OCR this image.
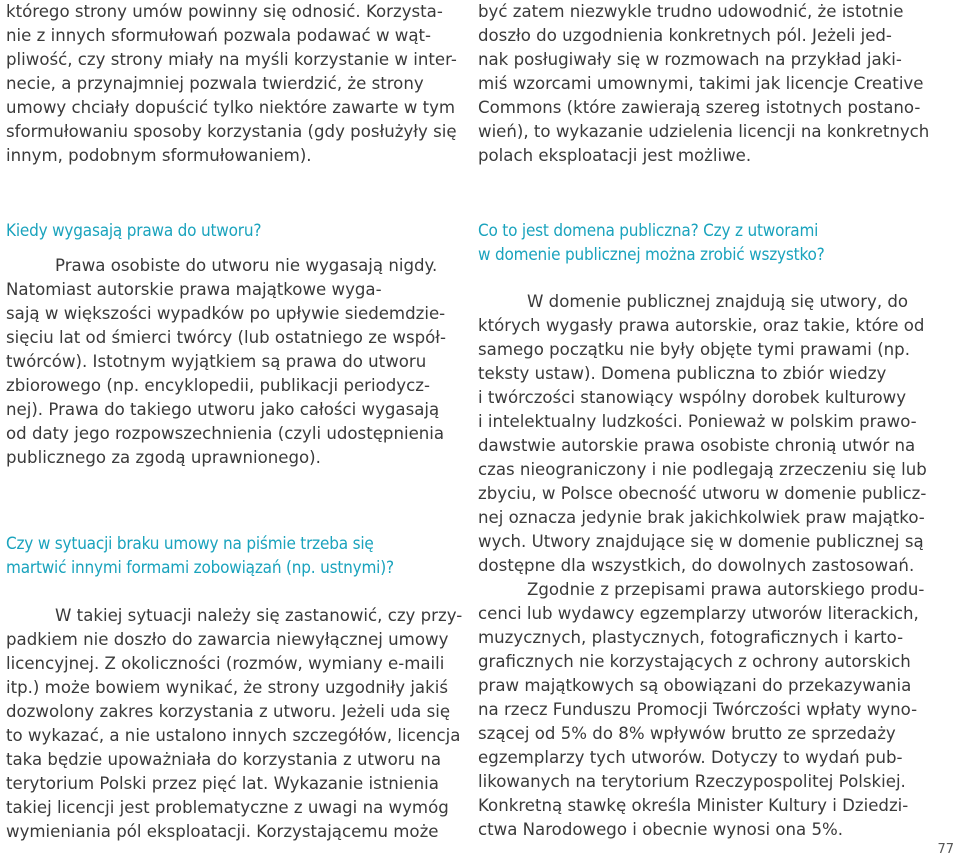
którego strony umów powinny się odnosić. Korzysta-
nie z innych sformułowań pozwala podawać w wąt-
pliwość, czy strony miały na myśli korzystanie w inter-
necie, a przynajmniej pozwala twierdzić, że strony
umowy chciały dopuścić tylko niektóre zawarte w tym
sformułowaniu sposoby korzystania (gdy posłużyły się
innym, podobnym sformułowaniem).
Kiedy wygasają prawa do utworu?
Prawa osobiste do utworu nie wygasają nigdy.
Natomiast autorskie prawa majątkowe wyga-
sają w większości wypadków po upływie siedemdzie-
sięciu lat od śmierci twórcy (lub ostatniego ze współ-
twórców). Istotnym wyjątkiem są prawa do utworu
zbiorowego (np. encyklopedii, publikacji periodycz-
nej). Prawa do takiego utworu jako całości wygasają
od daty jego rozpowszechnienia (czyli udostępnienia
publicznego za zgodą uprawnionego).
Czy w sytuacji braku umowy na piśmie trzeba się
martwić innymi formami zobowiązań (np. ustnymi)?
W takiej sytuacji należy się zastanowić, czy przy-
padkiem nie doszło do zawarcia niewyłącznej umowy
licencyjnej. Z okoliczności (rozmów, wymiany e-maili
itp.) może bowiem wynikać, że strony uzgodniły jakiś
dozwolony zakres korzystania z utworu. Jeżeli uda się
to wykazać, a nie ustalono innych szczegółów, licencja
taka będzie upoważniała do korzystania z utworu na
terytorium Polski przez pięć lat. Wykazanie istnienia
takiej licencji jest problematyczne z uwagi na wymóg
wymieniania pól eksploatacji. Korzystającemu może
być zatem niezwykle trudno udowodnić, że istotnie
doszło do uzgodnienia konkretnych pól. Jeżeli jed-
nak posługiwały się w rozmowach na przykład jaki-
miś wzorcami umownymi, takimi jak licencje Creative
Commons (które zawierają szereg istotnych postano-
wień), to wykazanie udzielenia licencji na konkretnych
polach eksploatacji jest możliwe.
Co to jest domena publiczna? Czy z utworami
w domenie publicznej można zrobić wszystko?
W domenie publicznej znajdują się utwory, do
których wygasły prawa autorskie, oraz takie, które od
samego początku nie były objęte tymi prawami (np.
teksty ustaw). Domena publiczna to zbiór wiedzy
i twórczości stanowiący wspólny dorobek kulturowy
i intelektualny ludzkości. Ponieważ w polskim prawo-
dawstwie autorskie prawa osobiste chronią utwór na
czas nieograniczony i nie podlegają zrzeczeniu się lub
zbyciu, w Polsce obecność utworu w domenie publicz-
nej oznacza jedynie brak jakichkolwiek praw majątko-
wych. Utwory znajdujące się w domenie publicznej są
dostępne dla wszystkich, do dowolnych zastosowań.
Zgodnie z przepisami prawa autorskiego produ-
cenci lub wydawcy egzemplarzy utworów literackich,
muzycznych, plastycznych, fotograficznych i karto-
graficznych nie korzystających z ochrony autorskich
praw majątkowych są obowiązani do przekazywania
na rzecz Funduszu Promocji Twórczości wpłaty wyno-
szącej od 5% do 8% wpływów brutto ze sprzedaży
egzemplarzy tych utworów. Dotyczy to wydań pub-
likowanych na terytorium Rzeczypospolitej Polskiej.
Konkretną stawkę określa Minister Kultury i Dziedzi-
ctwa Narodowego i obecnie wynosi ona 5%.
77
